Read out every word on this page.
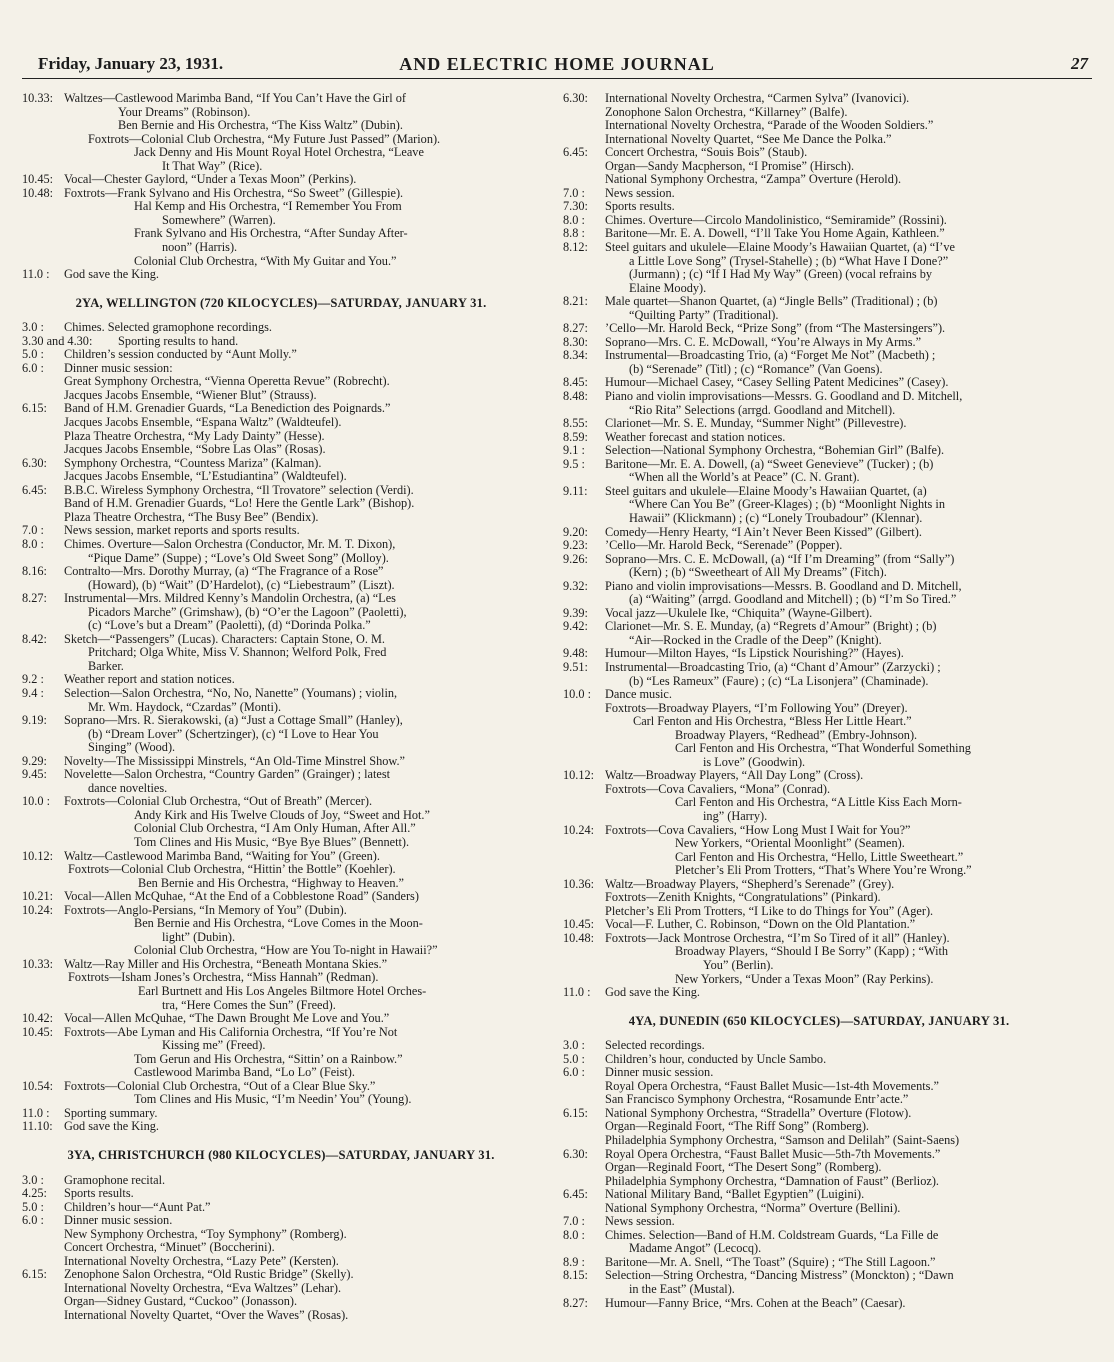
Friday, January 23, 1931.	AND ELECTRIC HOME JOURNAL	27
10.33: Waltzes—Castlewood Marimba Band, “If You Can’t Have the Girl of
Your Dreams” (Robinson).
Ben Bernie and His Orchestra, “The Kiss Waltz” (Dubin).
Foxtrots—Colonial Club Orchestra, “My Future Just Passed” (Marion).
Jack Denny and His Mount Royal Hotel Orchestra, “Leave
It That Way” (Rice).
10.45: Vocal—Chester Gaylord, “Under a Texas Moon” (Perkins).
10.48: Foxtrots—Frank Sylvano and His Orchestra, “So Sweet” (Gillespie).
Hal Kemp and His Orchestra, “I Remember You From
Somewhere” (Warren).
Frank Sylvano and His Orchestra, “After Sunday After-
noon” (Harris).
Colonial Club Orchestra, “With My Guitar and You.”
11.0 :	God save the King.
2YA, WELLINGTON (720 KILOCYCLES)—SATURDAY, JANUARY 31.
3.0 :	Chimes. Selected gramophone recordings.
3.30 and 4.30:	Sporting results to hand.
5.0 :	Children’s session conducted by “Aunt Molly.”
6.0 :	Dinner music session:
Great Symphony Orchestra, “Vienna Operetta Revue” (Robrecht).
Jacques Jacobs Ensemble, “Wiener Blut” (Strauss).
6.15:	Band of H.M. Grenadier Guards, “La Benediction des Poignards.”
Jacques Jacobs Ensemble, “Espana Waltz” (Waldteufel).
Plaza Theatre Orchestra, “My Lady Dainty” (Hesse).
Jacques Jacobs Ensemble, “Sobre Las Olas” (Rosas).
6.30:	Symphony Orchestra, “Countess Mariza” (Kalman).
Jacques Jacobs Ensemble, “L’Estudiantina” (Waldteufel).
6.45:	B.B.C. Wireless Symphony Orchestra, “Il Trovatore” selection (Verdi).
Band of H.M. Grenadier Guards, “Lo! Here the Gentle Lark” (Bishop).
Plaza Theatre Orchestra, “The Busy Bee” (Bendix).
7.0 :	News session, market reports and sports results.
8.0 :	Chimes. Overture—Salon Orchestra (Conductor, Mr. M. T. Dixon),
“Pique Dame” (Suppe) ; “Love’s Old Sweet Song” (Molloy).
8.16:	Contralto—Mrs. Dorothy Murray, (a) “The Fragrance of a Rose”
(Howard), (b) “Wait” (D’Hardelot), (c) “Liebestraum” (Liszt).
8.27:	Instrumental—Mrs. Mildred Kenny’s Mandolin Orchestra, (a) “Les
Picadors Marche” (Grimshaw), (b) “O’er the Lagoon” (Paoletti),
(c) “Love’s but a Dream” (Paoletti), (d) “Dorinda Polka.”
8.42:	Sketch—“Passengers” (Lucas). Characters: Captain Stone, O. M.
Pritchard; Olga White, Miss V. Shannon; Welford Polk, Fred
Barker.
9.2 :	Weather report and station notices.
9.4 :	Selection—Salon Orchestra, “No, No, Nanette” (Youmans) ; violin,
Mr. Wm. Haydock, “Czardas” (Monti).
9.19:	Soprano—Mrs. R. Sierakowski, (a) “Just a Cottage Small” (Hanley),
(b) “Dream Lover” (Schertzinger), (c) “I Love to Hear You
Singing” (Wood).
9.29:	Novelty—The Mississippi Minstrels, “An Old-Time Minstrel Show.”
9.45:	Novelette—Salon Orchestra, “Country Garden” (Grainger) ; latest
dance novelties.
10.0 :	Foxtrots—Colonial Club Orchestra, “Out of Breath” (Mercer).
Andy Kirk and His Twelve Clouds of Joy, “Sweet and Hot.”
Colonial Club Orchestra, “I Am Only Human, After All.”
Tom Clines and His Music, “Bye Bye Blues” (Bennett).
10.12: Waltz—Castlewood Marimba Band, “Waiting for You” (Green).
Foxtrots—Colonial Club Orchestra, “Hittin’ the Bottle” (Koehler).
Ben Bernie and His Orchestra, “Highway to Heaven.”
10.21: Vocal—Allen McQuhae, “At the End of a Cobblestone Road” (Sanders)
10.24: Foxtrots—Anglo-Persians, “In Memory of You” (Dubin).
Ben Bernie and His Orchestra, “Love Comes in the Moon-
light” (Dubin).
Colonial Club Orchestra, “How are You To-night in Hawaii?”
10.33: Waltz—Ray Miller and His Orchestra, “Beneath Montana Skies.”
Foxtrots—Isham Jones’s Orchestra, “Miss Hannah” (Redman).
Earl Burtnett and His Los Angeles Biltmore Hotel Orches-
tra, “Here Comes the Sun” (Freed).
10.42: Vocal—Allen McQuhae, “The Dawn Brought Me Love and You.”
10.45: Foxtrots—Abe Lyman and His California Orchestra, “If You’re Not
Kissing me” (Freed).
Tom Gerun and His Orchestra, “Sittin’ on a Rainbow.”
Castlewood Marimba Band, “Lo Lo” (Feist).
10.54: Foxtrots—Colonial Club Orchestra, “Out of a Clear Blue Sky.”
Tom Clines and His Music, “I’m Needin’ You” (Young).
11.0 :	Sporting summary.
11.10: God save the King.
3YA, CHRISTCHURCH (980 KILOCYCLES)—SATURDAY, JANUARY 31.
3.0 :	Gramophone recital.
4.25:	Sports results.
5.0 :	Children’s hour—“Aunt Pat.”
6.0 :	Dinner music session.
New Symphony Orchestra, “Toy Symphony” (Romberg).
Concert Orchestra, “Minuet” (Boccherini).
International Novelty Orchestra, “Lazy Pete” (Kersten).
6.15:	Zenophone Salon Orchestra, “Old Rustic Bridge” (Skelly).
International Novelty Orchestra, “Eva Waltzes” (Lehar).
Organ—Sidney Gustard, “Cuckoo” (Jonasson).
International Novelty Quartet, “Over the Waves” (Rosas).
6.30:	International Novelty Orchestra, “Carmen Sylva” (Ivanovici).
Zonophone Salon Orchestra, “Killarney” (Balfe).
International Novelty Orchestra, “Parade of the Wooden Soldiers.”
International Novelty Quartet, “See Me Dance the Polka.”
6.45:	Concert Orchestra, “Souis Bois” (Staub).
Organ—Sandy Macpherson, “I Promise” (Hirsch).
National Symphony Orchestra, “Zampa” Overture (Herold).
7.0 :	News session.
7.30:	Sports results.
8.0 :	Chimes. Overture—Circolo Mandolinistico, “Semiramide” (Rossini).
8.8 :	Baritone—Mr. E. A. Dowell, “I’ll Take You Home Again, Kathleen.”
8.12:	Steel guitars and ukulele—Elaine Moody’s Hawaiian Quartet, (a) “I’ve
a Little Love Song” (Trysel-Stahelle) ; (b) “What Have I Done?”
(Jurmann) ; (c) “If I Had My Way” (Green) (vocal refrains by
Elaine Moody).
8.21:	Male quartet—Shanon Quartet, (a) “Jingle Bells” (Traditional) ; (b)
“Quilting Party” (Traditional).
8.27:	’Cello—Mr. Harold Beck, “Prize Song” (from “The Mastersingers”).
8.30:	Soprano—Mrs. C. E. McDowall, “You’re Always in My Arms.”
8.34:	Instrumental—Broadcasting Trio, (a) “Forget Me Not” (Macbeth) ;
(b) “Serenade” (Titl) ; (c) “Romance” (Van Goens).
8.45:	Humour—Michael Casey, “Casey Selling Patent Medicines” (Casey).
8.48:	Piano and violin improvisations—Messrs. G. Goodland and D. Mitchell,
“Rio Rita” Selections (arrgd. Goodland and Mitchell).
8.55:	Clarionet—Mr. S. E. Munday, “Summer Night” (Pillevestre).
8.59:	Weather forecast and station notices.
9.1 :	Selection—National Symphony Orchestra, “Bohemian Girl” (Balfe).
9.5 :	Baritone—Mr. E. A. Dowell, (a) “Sweet Genevieve” (Tucker) ; (b)
“When all the World’s at Peace” (C. N. Grant).
9.11:	Steel guitars and ukulele—Elaine Moody’s Hawaiian Quartet, (a)
“Where Can You Be” (Greer-Klages) ; (b) “Moonlight Nights in
Hawaii” (Klickmann) ; (c) “Lonely Troubadour” (Klennar).
9.20:	Comedy—Henry Hearty, “I Ain’t Never Been Kissed” (Gilbert).
9.23:	’Cello—Mr. Harold Beck, “Serenade” (Popper).
9.26:	Soprano—Mrs. C. E. McDowall, (a) “If I’m Dreaming” (from “Sally”)
(Kern) ; (b) “Sweetheart of All My Dreams” (Fitch).
9.32:	Piano and violin improvisations—Messrs. B. Goodland and D. Mitchell,
(a) “Waiting” (arrgd. Goodland and Mitchell) ; (b) “I’m So Tired.”
9.39:	Vocal jazz—Ukulele Ike, “Chiquita” (Wayne-Gilbert).
9.42:	Clarionet—Mr. S. E. Munday, (a) “Regrets d’Amour” (Bright) ; (b)
“Air—Rocked in the Cradle of the Deep” (Knight).
9.48:	Humour—Milton Hayes, “Is Lipstick Nourishing?” (Hayes).
9.51:	Instrumental—Broadcasting Trio, (a) “Chant d’Amour” (Zarzycki) ;
(b) “Les Rameux” (Faure) ; (c) “La Lisonjera” (Chaminade).
10.0 :	Dance music.
Foxtrots—Broadway Players, “I’m Following You” (Dreyer).
Carl Fenton and His Orchestra, “Bless Her Little Heart.”
Broadway Players, “Redhead” (Embry-Johnson).
Carl Fenton and His Orchestra, “That Wonderful Something
is Love” (Goodwin).
10.12: Waltz—Broadway Players, “All Day Long” (Cross).
Foxtrots—Cova Cavaliers, “Mona” (Conrad).
Carl Fenton and His Orchestra, “A Little Kiss Each Morn-
ing” (Harry).
10.24: Foxtrots—Cova Cavaliers, “How Long Must I Wait for You?”
New Yorkers, “Oriental Moonlight” (Seamen).
Carl Fenton and His Orchestra, “Hello, Little Sweetheart.”
Pletcher’s Eli Prom Trotters, “That’s Where You’re Wrong.”
10.36: Waltz—Broadway Players, “Shepherd’s Serenade” (Grey).
Foxtrots—Zenith Knights, “Congratulations” (Pinkard).
Pletcher’s Eli Prom Trotters, “I Like to do Things for You” (Ager).
10.45: Vocal—F. Luther, C. Robinson, “Down on the Old Plantation.”
10.48: Foxtrots—Jack Montrose Orchestra, “I’m So Tired of it all” (Hanley).
Broadway Players, “Should I Be Sorry” (Kapp) ; “With
You” (Berlin).
New Yorkers, “Under a Texas Moon” (Ray Perkins).
11.0 :	God save the King.
4YA, DUNEDIN (650 KILOCYCLES)—SATURDAY, JANUARY 31.
3.0 :	Selected recordings.
5.0 :	Children’s hour, conducted by Uncle Sambo.
6.0 :	Dinner music session.
Royal Opera Orchestra, “Faust Ballet Music—1st-4th Movements.”
San Francisco Symphony Orchestra, “Rosamunde Entr’acte.”
6.15:	National Symphony Orchestra, “Stradella” Overture (Flotow).
Organ—Reginald Foort, “The Riff Song” (Romberg).
Philadelphia Symphony Orchestra, “Samson and Delilah” (Saint-Saens)
6.30:	Royal Opera Orchestra, “Faust Ballet Music—5th-7th Movements.”
Organ—Reginald Foort, “The Desert Song” (Romberg).
Philadelphia Symphony Orchestra, “Damnation of Faust” (Berlioz).
6.45:	National Military Band, “Ballet Egyptien” (Luigini).
National Symphony Orchestra, “Norma” Overture (Bellini).
7.0 :	News session.
8.0 :	Chimes. Selection—Band of H.M. Coldstream Guards, “La Fille de
Madame Angot” (Lecocq).
8.9 :	Baritone—Mr. A. Snell, “The Toast” (Squire) ; “The Still Lagoon.”
8.15:	Selection—String Orchestra, “Dancing Mistress” (Monckton) ; “Dawn
in the East” (Mustal).
8.27:	Humour—Fanny Brice, “Mrs. Cohen at the Beach” (Caesar).
